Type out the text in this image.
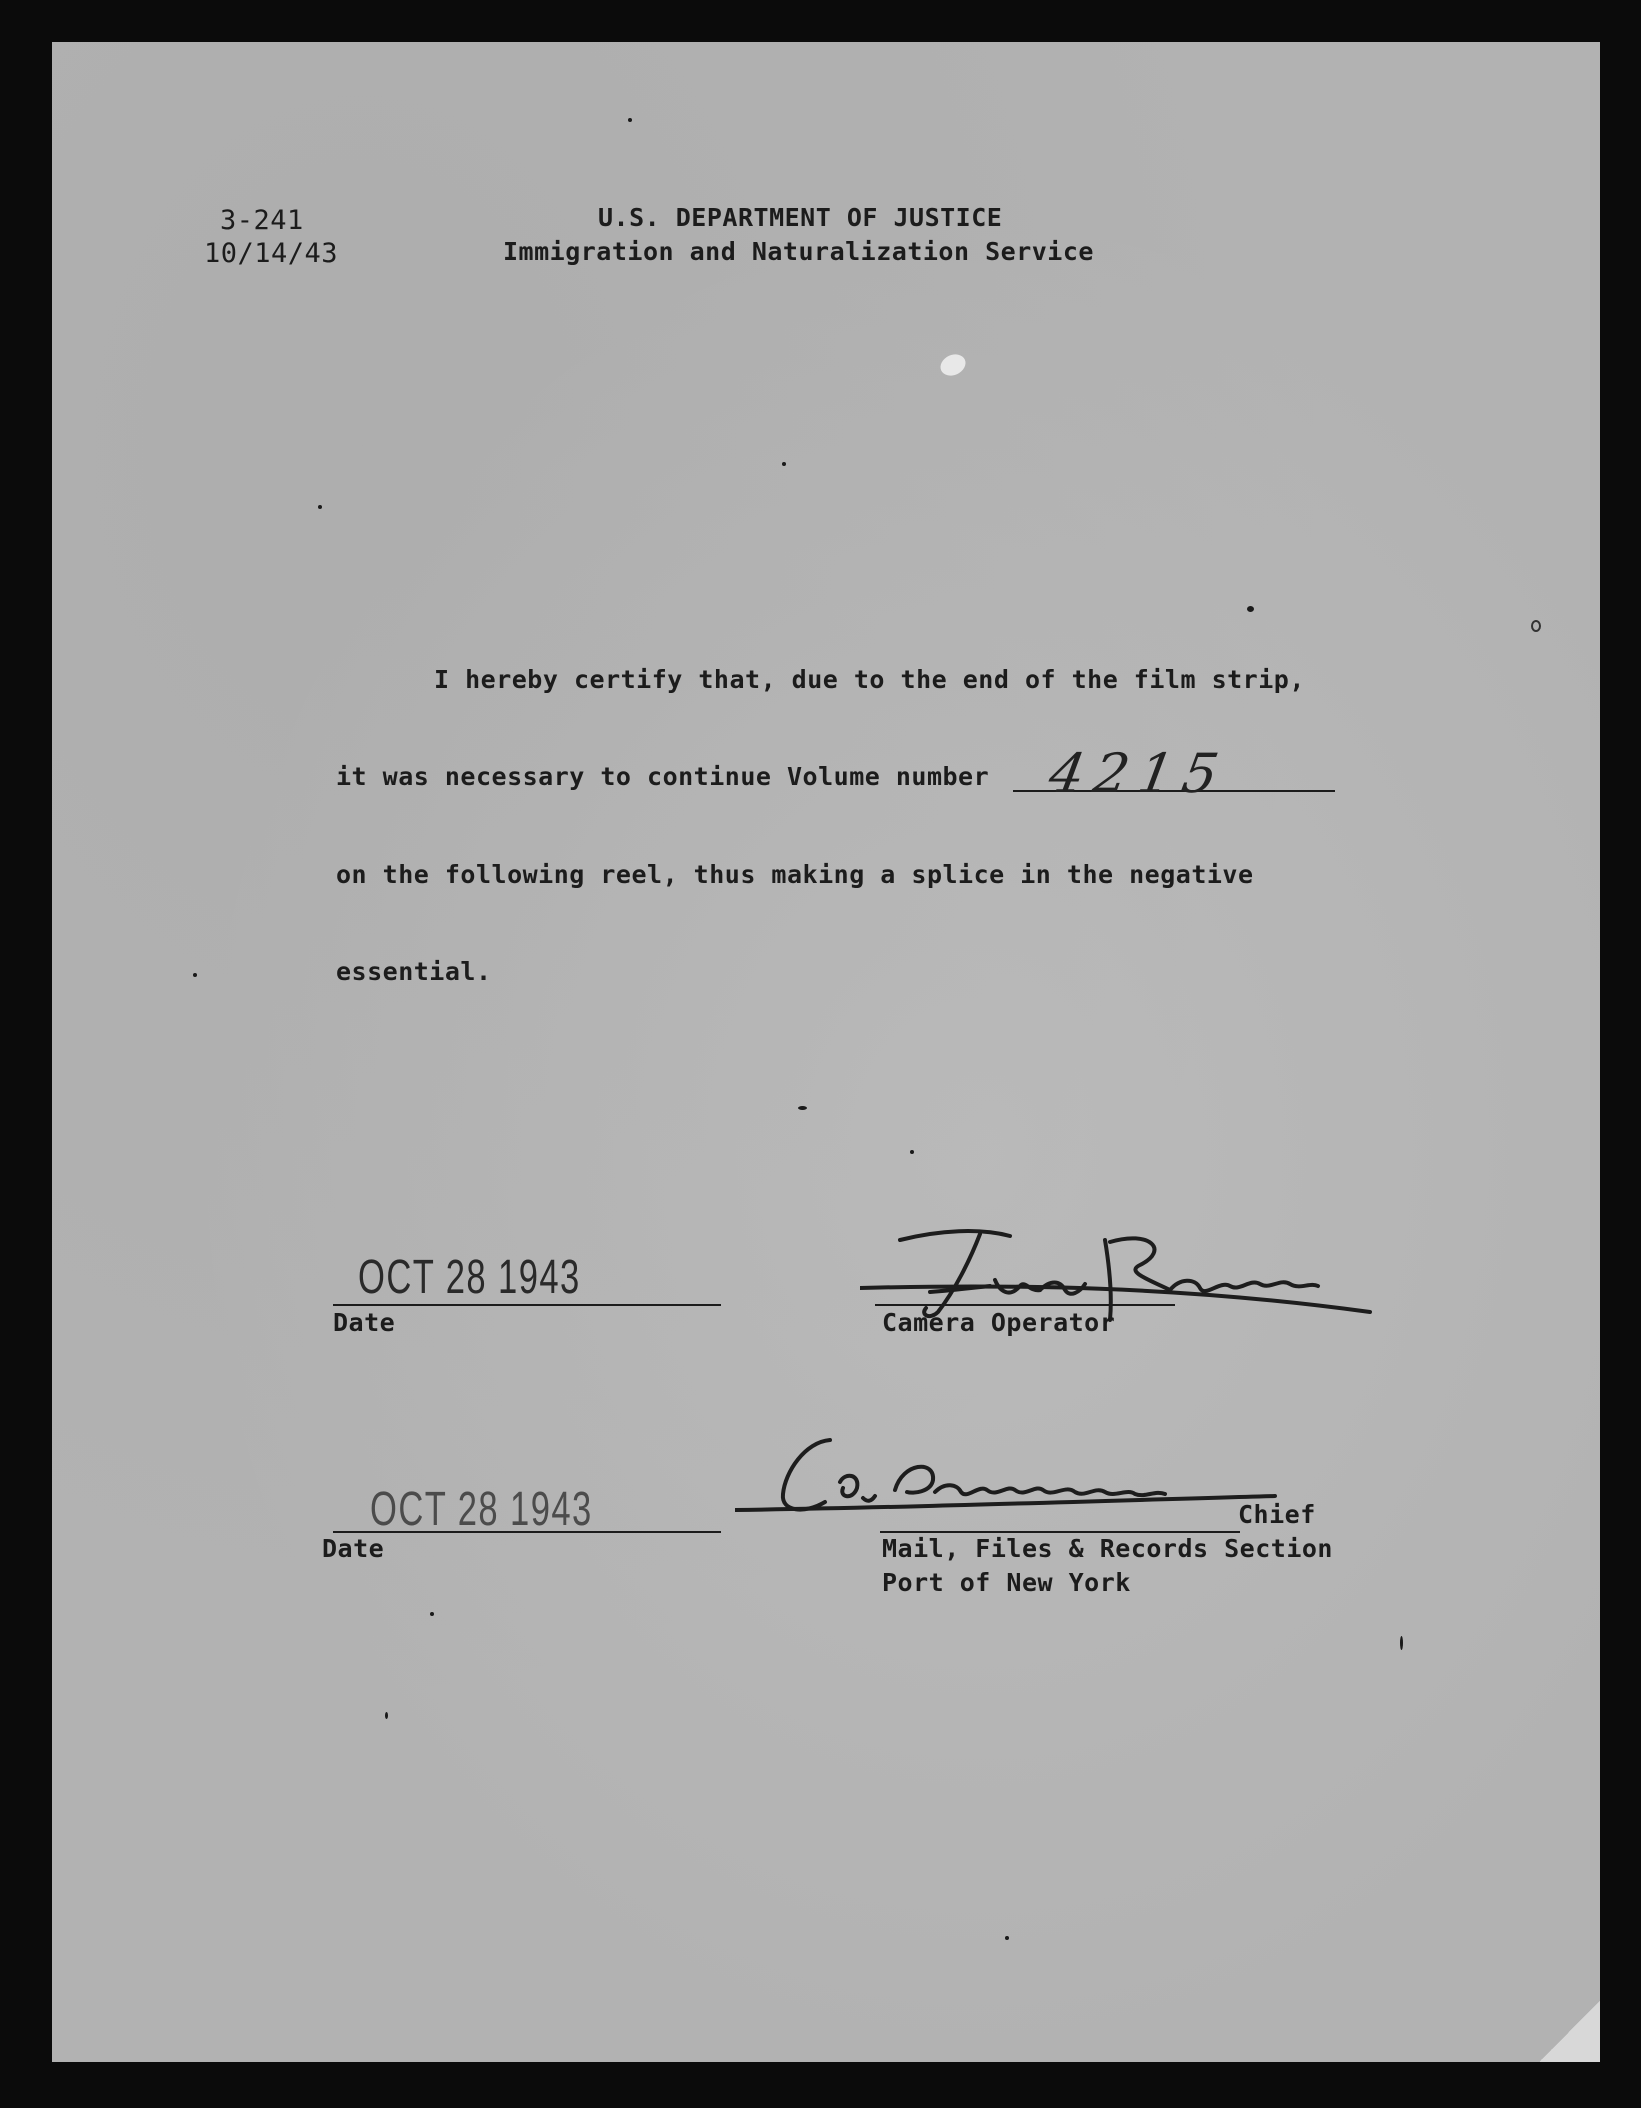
3-241
10/14/43
U.S. DEPARTMENT OF JUSTICE
Immigration and Naturalization Service
I hereby certify that, due to the end of the film strip,
it was necessary to continue Volume number 4215
on the following reel, thus making a splice in the negative
essential.
OCT 28 1943
Date	Camera Operator
OCT 28 1943
Date
Chief
Mail, Files & Records Section
Port of New York
